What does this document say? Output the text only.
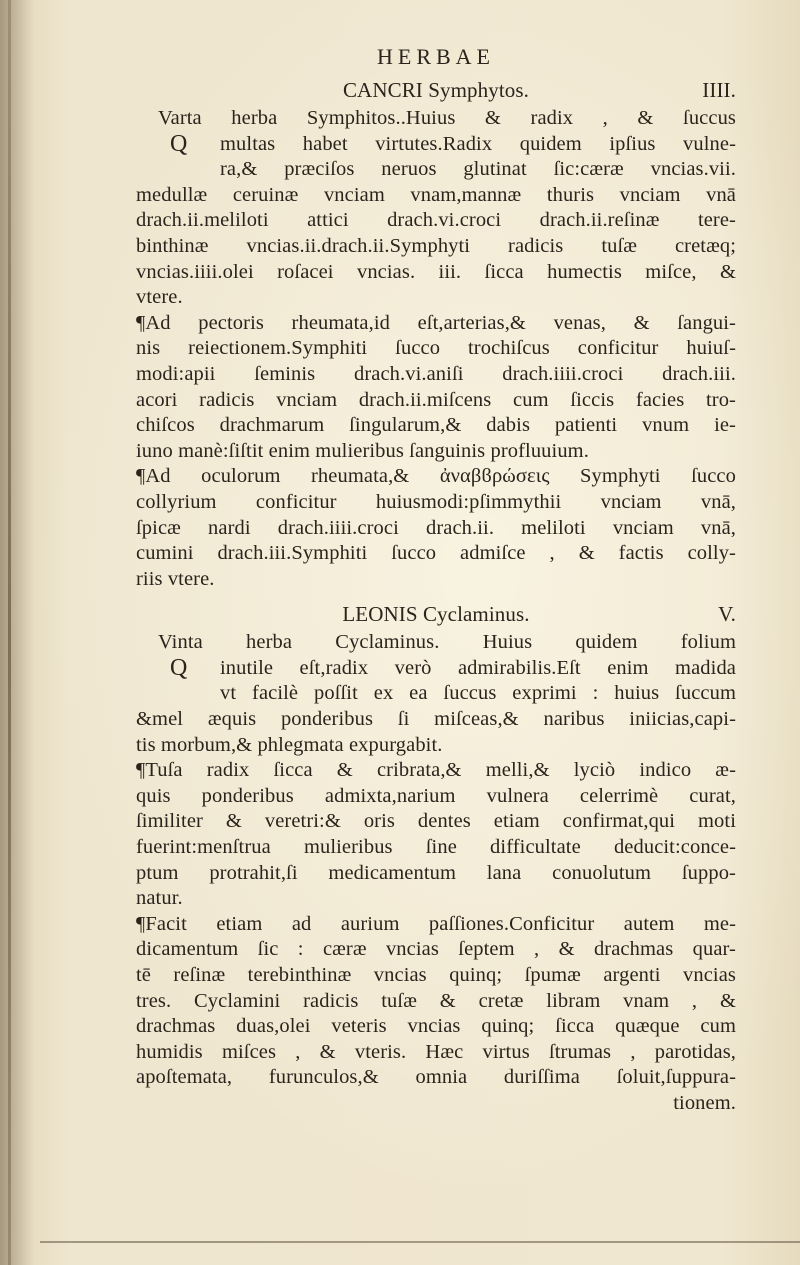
HERBAE
CANCRI Symphytos.	IIII.
Q
Varta herba Symphitos..Huius & radix , & ſuccus
multas habet virtutes.Radix quidem ipſius vulne-
ra,& præciſos neruos glutinat ſic:cæræ vncias.vii.
medullæ ceruinæ vnciam vnam,mannæ thuris vnciam vnā
drach.ii.meliloti attici drach.vi.croci drach.ii.reſinæ tere-
binthinæ vncias.ii.drach.ii.Symphyti radicis tuſæ cretæq;
vncias.iiii.olei roſacei vncias. iii. ſicca humectis miſce, &
vtere.
¶Ad pectoris rheumata,id eſt,arterias,& venas, & ſangui-
nis reiectionem.Symphiti ſucco trochiſcus conficitur huiuſ-
modi:apii ſeminis drach.vi.aniſi drach.iiii.croci drach.iii.
acori radicis vnciam drach.ii.miſcens cum ſiccis facies tro-
chiſcos drachmarum ſingularum,& dabis patienti vnum ie-
iuno manè:ſiſtit enim mulieribus ſanguinis profluuium.
¶Ad oculorum rheumata,& ἀναβϐρώσεις Symphyti ſucco
collyrium conficitur huiusmodi:pſimmythii vnciam vnā,
ſpicæ nardi drach.iiii.croci drach.ii. meliloti vnciam vnā,
cumini drach.iii.Symphiti ſucco admiſce , & factis colly-
riis vtere.
LEONIS Cyclaminus.	V.
Q
Vinta herba Cyclaminus. Huius quidem folium
inutile eſt,radix verò admirabilis.Eſt enim madida
vt facilè poſſit ex ea ſuccus exprimi : huius ſuccum
&mel æquis ponderibus ſi miſceas,& naribus iniicias,capi-
tis morbum,& phlegmata expurgabit.
¶Tuſa radix ſicca & cribrata,& melli,& lyciò indico æ-
quis ponderibus admixta,narium vulnera celerrimè curat,
ſimiliter & veretri:& oris dentes etiam confirmat,qui moti
fuerint:menſtrua mulieribus ſine difficultate deducit:conce-
ptum protrahit,ſi medicamentum lana conuolutum ſuppo-
natur.
¶Facit etiam ad aurium paſſiones.Conficitur autem me-
dicamentum ſic : cæræ vncias ſeptem , & drachmas quar-
tē reſinæ terebinthinæ vncias quinq; ſpumæ argenti vncias
tres. Cyclamini radicis tuſæ & cretæ libram vnam , &
drachmas duas,olei veteris vncias quinq; ſicca quæque cum
humidis miſces , & vteris. Hæc virtus ſtrumas , parotidas,
apoſtemata, furunculos,& omnia duriſſima ſoluit,ſuppura-
tionem.
